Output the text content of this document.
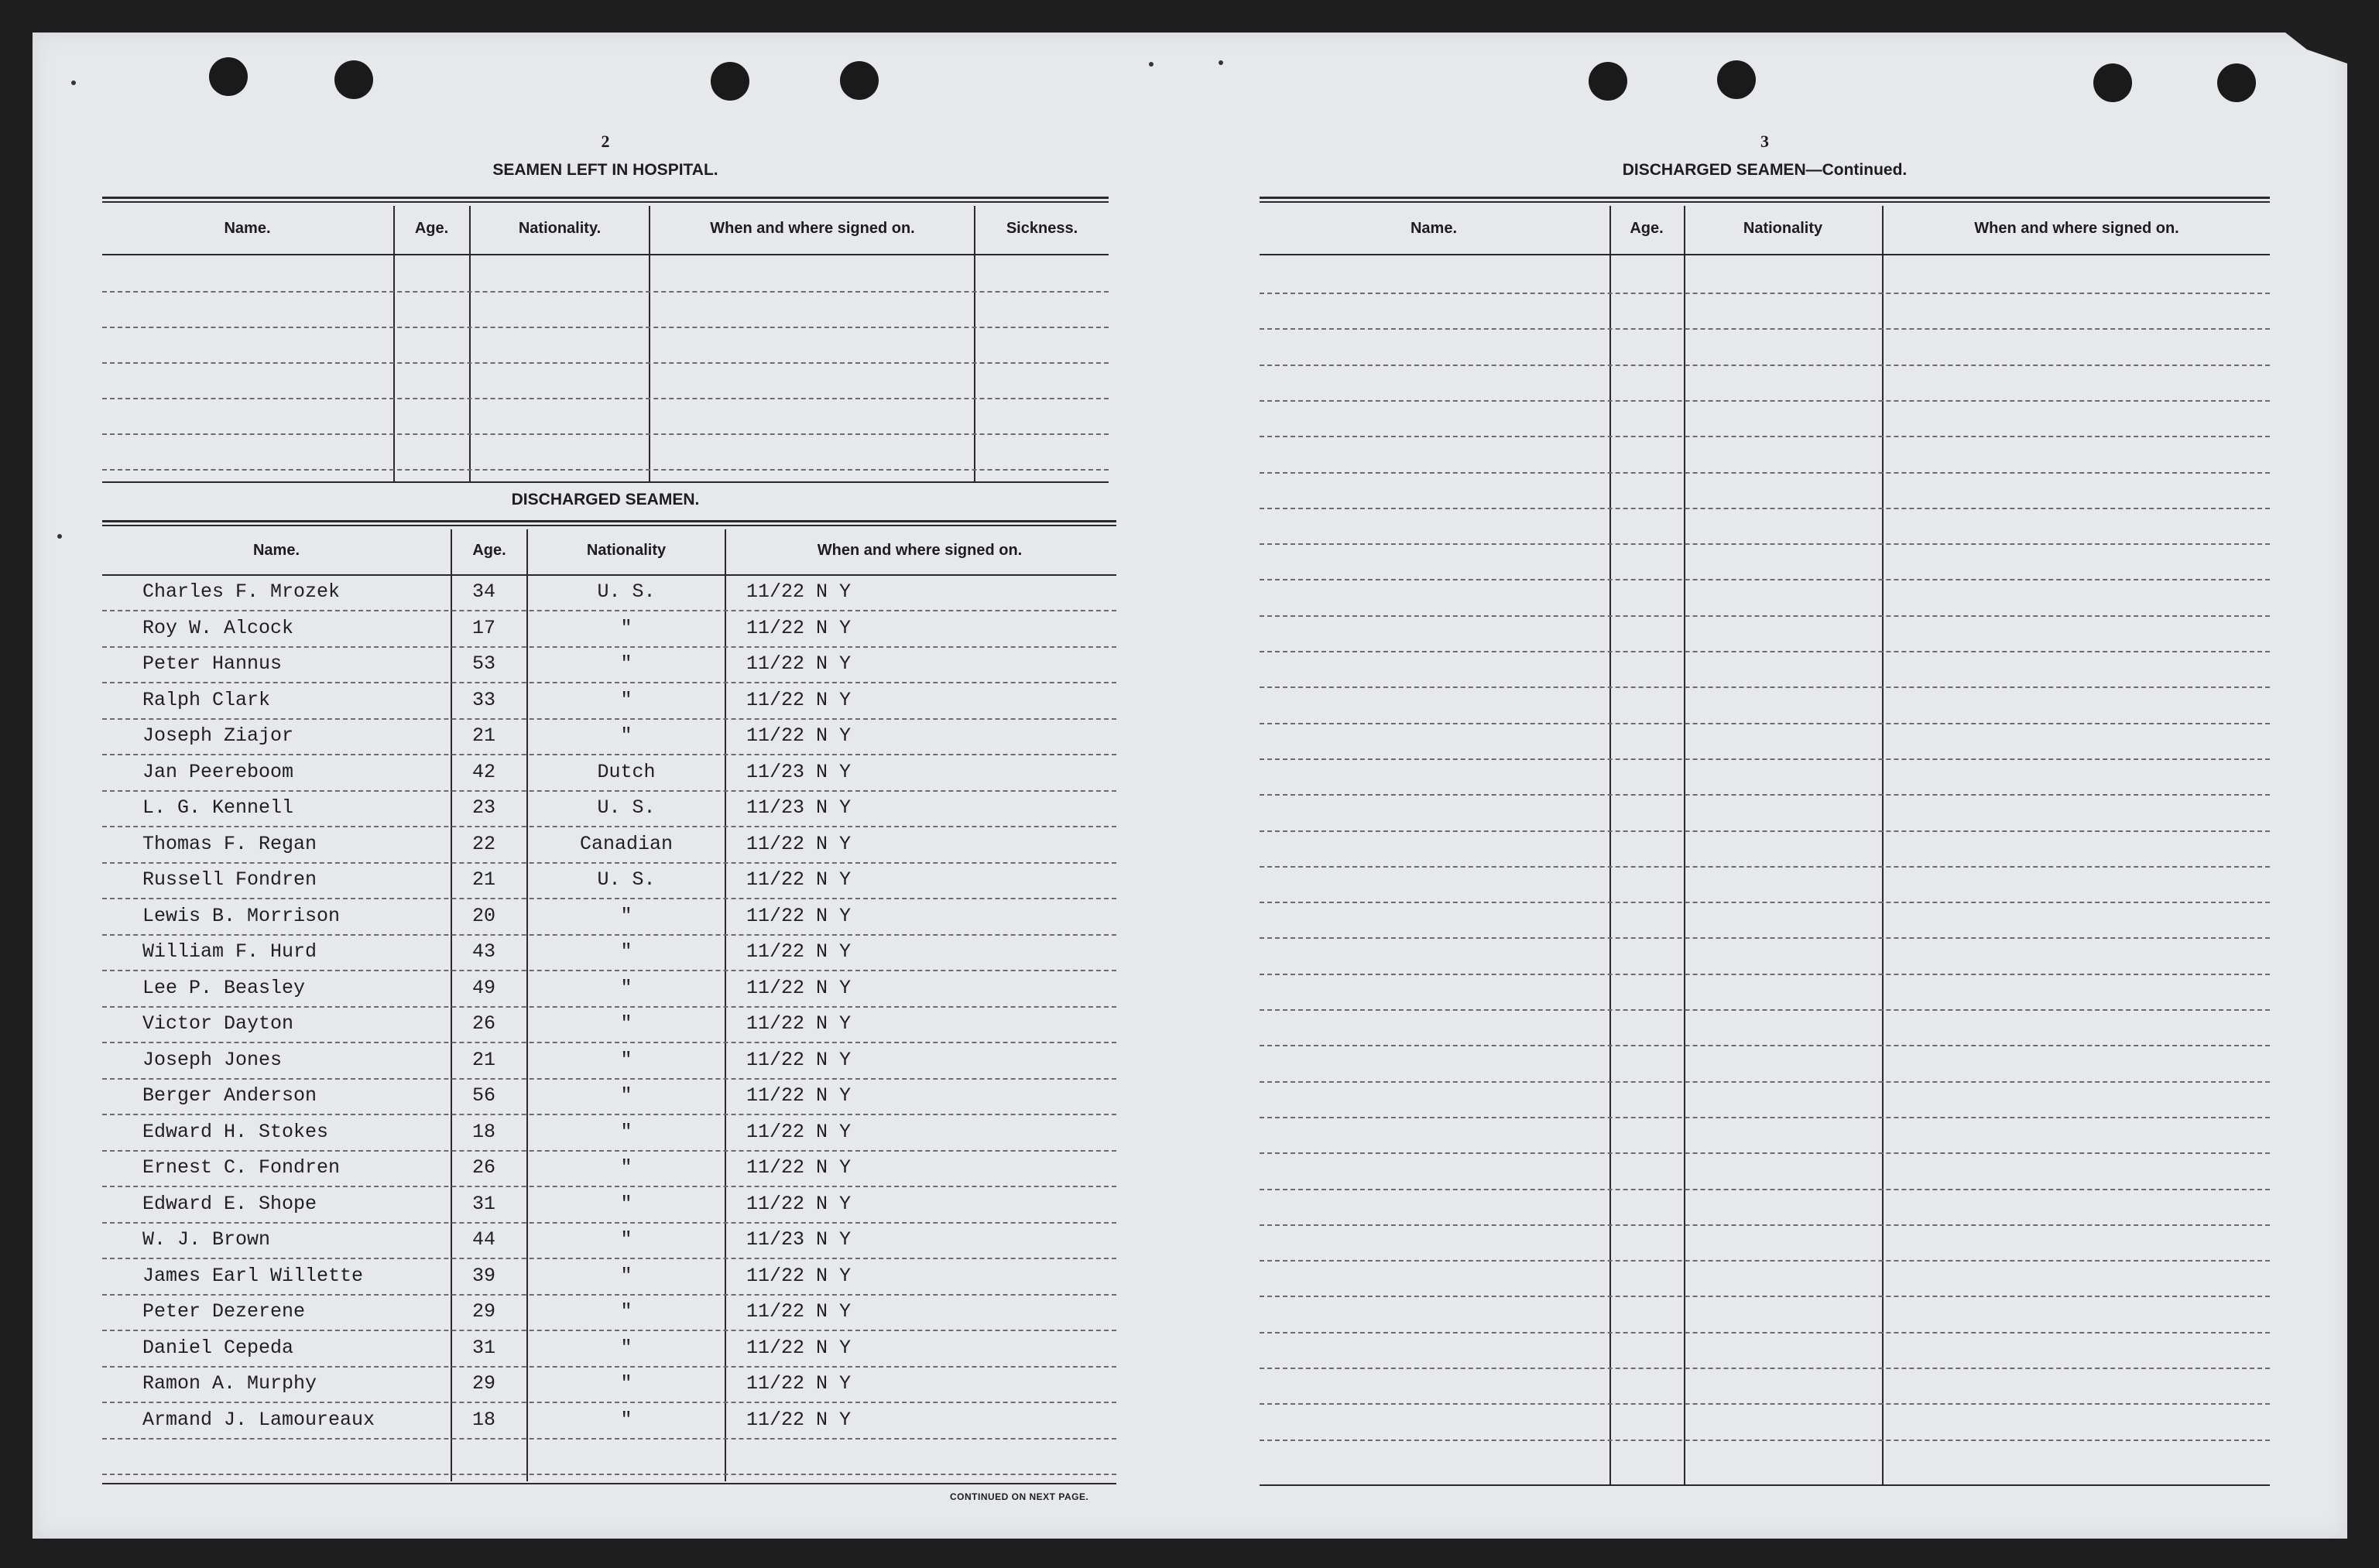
2
SEAMEN LEFT IN HOSPITAL.
Name.	Age.	Nationality.	When and where signed on.	Sickness.
DISCHARGED SEAMEN.
Name.	Age.	Nationality	When and where signed on.
Charles F. Mrozek	34	U. S.	11/22 N Y
Roy W. Alcock	17	"	11/22 N Y
Peter Hannus	53	"	11/22 N Y
Ralph Clark	33	"	11/22 N Y
Joseph Ziajor	21	"	11/22 N Y
Jan Peereboom	42	Dutch	11/23 N Y
L. G. Kennell	23	U. S.	11/23 N Y
Thomas F. Regan	22	Canadian	11/22 N Y
Russell Fondren	21	U. S.	11/22 N Y
Lewis B. Morrison	20	"	11/22 N Y
William F. Hurd	43	"	11/22 N Y
Lee P. Beasley	49	"	11/22 N Y
Victor Dayton	26	"	11/22 N Y
Joseph Jones	21	"	11/22 N Y
Berger Anderson	56	"	11/22 N Y
Edward H. Stokes	18	"	11/22 N Y
Ernest C. Fondren	26	"	11/22 N Y
Edward E. Shope	31	"	11/22 N Y
W. J. Brown	44	"	11/23 N Y
James Earl Willette	39	"	11/22 N Y
Peter Dezerene	29	"	11/22 N Y
Daniel Cepeda	31	"	11/22 N Y
Ramon A. Murphy	29	"	11/22 N Y
Armand J. Lamoureaux	18	"	11/22 N Y
CONTINUED ON NEXT PAGE.
3
DISCHARGED SEAMEN—Continued.
Name.	Age.	Nationality	When and where signed on.
